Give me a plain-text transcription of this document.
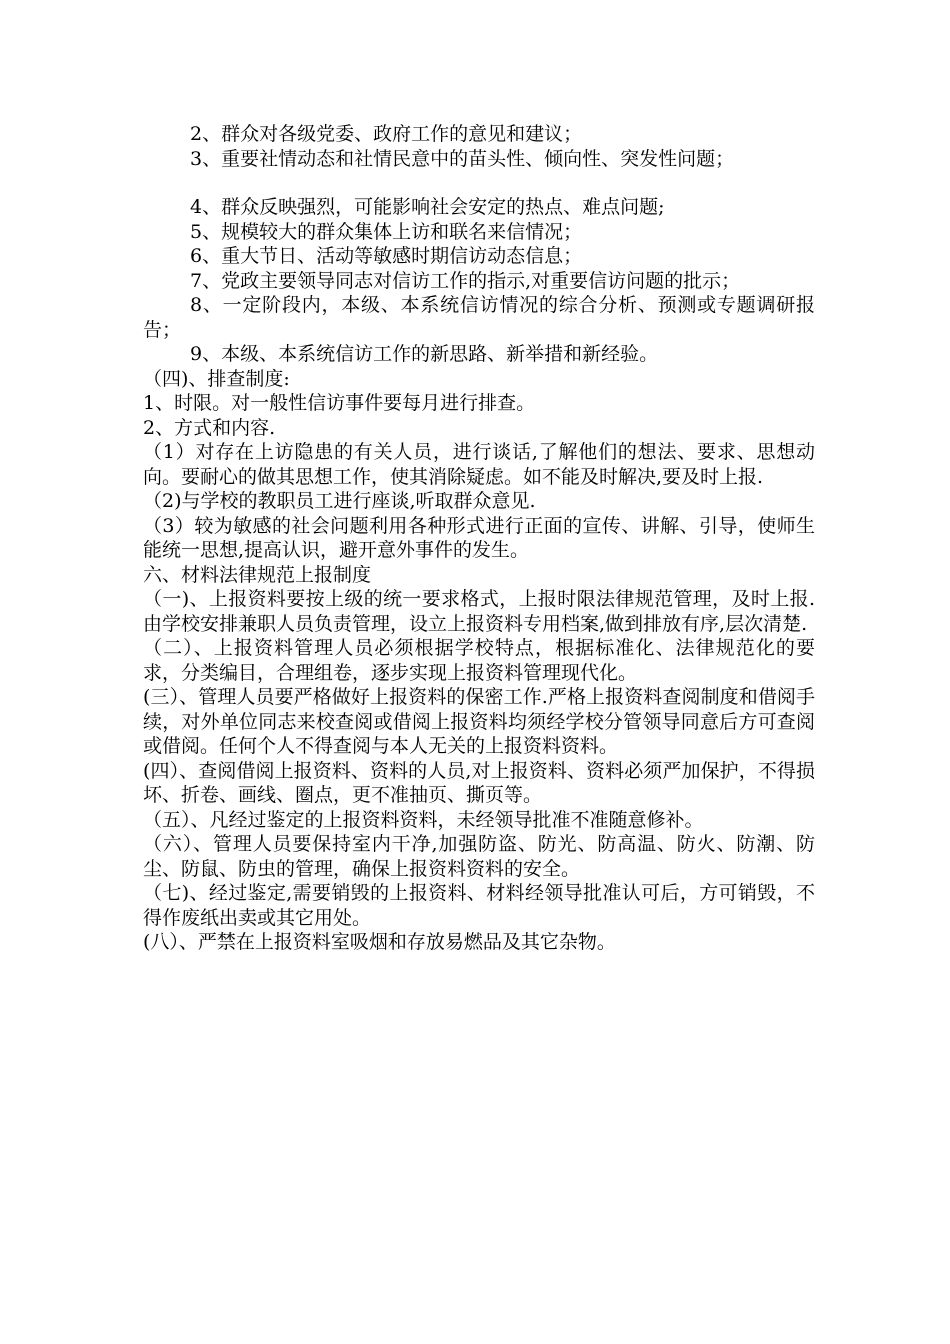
2、群众对各级党委、政府工作的意见和建议；

3、重要社情动态和社情民意中的苗头性、倾向性、突发性问题；

4、群众反映强烈，可能影响社会安定的热点、难点问题;

5、规模较大的群众集体上访和联名来信情况；

6、重大节日、活动等敏感时期信访动态信息；

7、党政主要领导同志对信访工作的指示,对重要信访问题的批示；

8、一定阶段内，本级、本系统信访情况的综合分析、预测或专题调研报告；

9、本级、本系统信访工作的新思路、新举措和新经验。

（四)、排查制度:

1、时限。对一般性信访事件要每月进行排查。

2、方式和内容.

（1）对存在上访隐患的有关人员，进行谈话,了解他们的想法、要求、思想动向。要耐心的做其思想工作，使其消除疑虑。如不能及时解决,要及时上报.

（2)与学校的教职员工进行座谈,听取群众意见.

（3）较为敏感的社会问题利用各种形式进行正面的宣传、讲解、引导，使师生能统一思想,提高认识，避开意外事件的发生。

六、材料法律规范上报制度

（一)、上报资料要按上级的统一要求格式，上报时限法律规范管理，及时上报.由学校安排兼职人员负责管理，设立上报资料专用档案,做到排放有序,层次清楚.

（二）、上报资料管理人员必须根据学校特点，根据标准化、法律规范化的要求，分类编目，合理组卷，逐步实现上报资料管理现代化。

(三）、管理人员要严格做好上报资料的保密工作.严格上报资料查阅制度和借阅手续，对外单位同志来校查阅或借阅上报资料均须经学校分管领导同意后方可查阅或借阅。任何个人不得查阅与本人无关的上报资料资料。

(四）、查阅借阅上报资料、资料的人员,对上报资料、资料必须严加保护，不得损坏、折卷、画线、圈点，更不准抽页、撕页等。

（五）、凡经过鉴定的上报资料资料，未经领导批准不准随意修补。

（六）、管理人员要保持室内干净,加强防盗、防光、防高温、防火、防潮、防尘、防鼠、防虫的管理，确保上报资料资料的安全。

（七)、经过鉴定,需要销毁的上报资料、材料经领导批准认可后，方可销毁，不得作废纸出卖或其它用处。

(八）、严禁在上报资料室吸烟和存放易燃品及其它杂物。
